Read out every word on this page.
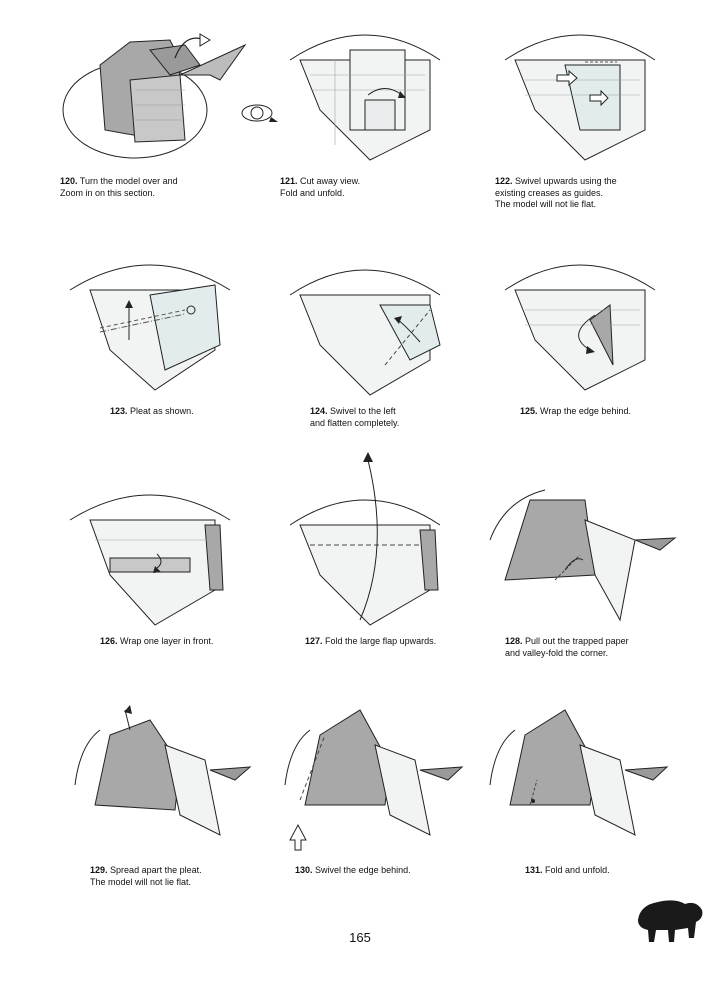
120. Turn the model over and
Zoom in on this section.
121. Cut away view.
Fold and unfold.
122. Swivel upwards using the
existing creases as guides.
The model will not lie flat.
123. Pleat as shown.	124. Swivel to the left
and flatten completely.
125. Wrap the edge behind.
126. Wrap one layer in front.	127. Fold the large flap upwards.	128. Pull out the trapped paper
and valley-fold the corner.
129. Spread apart the pleat.
The model will not lie flat.
130. Swivel the edge behind.	131. Fold and unfold.
165
